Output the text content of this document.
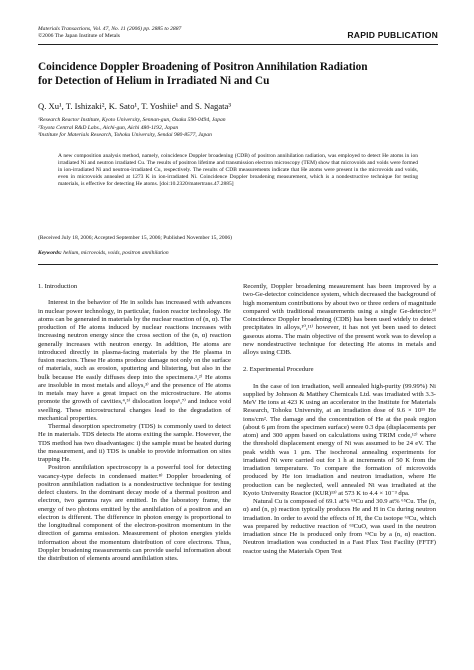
Materials Transactions, Vol. 47, No. 11 (2006) pp. 2885 to 2887
©2006 The Japan Institute of Metals	RAPID PUBLICATION
Coincidence Doppler Broadening of Positron Annihilation Radiation
for Detection of Helium in Irradiated Ni and Cu
Q. Xu¹, T. Ishizaki², K. Sato¹, T. Yoshiie¹ and S. Nagata³
¹Research Reactor Institute, Kyoto University, Sennan-gun, Osaka 590-0494, Japan
²Toyota Central R&D Labs., Aichi-gun, Aichi 480-1192, Japan
³Institute for Materials Research, Tohoku University, Sendai 980-8577, Japan
A new composition analysis method, namely, coincidence Doppler broadening (CDB) of positron annihilation radiation, was employed to detect He atoms in ion irradiated Ni and neutron irradiated Cu. The results of positron lifetime and transmission electron microscopy (TEM) show that microvoids and voids were formed in ion-irradiated Ni and neutron-irradiated Cu, respectively. The results of CDB measurements indicate that He atoms were present in the microvoids and voids, even in microvoids annealed at 1273 K in ion-irradiated Ni. Coincidence Doppler broadening measurement, which is a nondestructive technique for testing materials, is effective for detecting He atoms. [doi:10.2320/matertrans.47.2885]
(Received July 18, 2006; Accepted September 15, 2006; Published November 15, 2006)
Keywords: helium, microvoids, voids, positron annihilation
1. Introduction

Interest in the behavior of He in solids has increased with advances in nuclear power technology, in particular, fusion reactor technology. He atoms can be generated in materials by the nuclear reaction of (n, α). The production of He atoms induced by nuclear reactions increases with increasing neutron energy since the cross section of the (n, α) reaction generally increases with neutron energy. In addition, He atoms are introduced directly in plasma-facing materials by the He plasma in fusion reactors. These He atoms produce damage not only on the surface of materials, such as erosion, sputtering and blistering, but also in the bulk because He easily diffuses deep into the specimens.¹,²⁾ He atoms are insoluble in most metals and alloys,³⁾ and the presence of He atoms in metals may have a great impact on the microstructure. He atoms promote the growth of cavities,⁴,⁵⁾ dislocation loops⁶,⁷⁾ and induce void swelling. These microstructural changes lead to the degradation of mechanical properties.

Thermal desorption spectrometry (TDS) is commonly used to detect He in materials. TDS detects He atoms exiting the sample. However, the TDS method has two disadvantages: i) the sample must be heated during the measurement, and ii) TDS is unable to provide information on sites trapping He.

Positron annihilation spectroscopy is a powerful tool for detecting vacancy-type defects in condensed matter.⁸⁾ Doppler broadening of positron annihilation radiation is a nondestructive technique for testing defect clusters. In the dominant decay mode of a thermal positron and electron, two gamma rays are emitted. In the laboratory frame, the energy of two photons emitted by the annihilation of a positron and an electron is different. The difference in photon energy is proportional to the longitudinal component of the electron-positron momentum in the direction of gamma emission. Measurement of photon energies yields information about the momentum distribution of core electrons. Thus, Doppler broadening measurements can provide useful information about the distribution of elements around annihilation sites.

Recently, Doppler broadening measurement has been improved by a two-Ge-detector coincidence system, which decreased the background of high momentum contributions by about two or three orders of magnitude compared with traditional measurements using a single Ge-detector.⁹⁾ Coincidence Doppler broadening (CDB) has been used widely to detect precipitates in alloys,¹⁰,¹¹⁾ however, it has not yet been used to detect gaseous atoms. The main objective of the present work was to develop a new nondestructive technique for detecting He atoms in metals and alloys using CDB.

2. Experimental Procedure

In the case of ion irradiation, well annealed high-purity (99.99%) Ni supplied by Johnson & Matthey Chemicals Ltd. was irradiated with 3.3-MeV He ions at 423 K using an accelerator in the Institute for Materials Research, Tohoku University, at an irradiation dose of 9.6 × 10¹⁵ He ions/cm². The damage and the concentration of He at the peak region (about 6 μm from the specimen surface) were 0.3 dpa (displacements per atom) and 300 appm based on calculations using TRIM code,¹²⁾ where the threshold displacement energy of Ni was assumed to be 24 eV. The peak width was 1 μm. The isochronal annealing experiments for irradiated Ni were carried out for 1 h at increments of 50 K from the irradiation temperature. To compare the formation of microvoids produced by He ion irradiation and neutron irradiation, where He production can be neglected, well annealed Ni was irradiated at the Kyoto University Reactor (KUR)¹³⁾ at 573 K to 4.4 × 10⁻³ dpa.

Natural Cu is composed of 69.1 at% ⁶³Cu and 30.9 at% ⁶⁵Cu. The (n, α) and (n, p) reaction typically produces He and H in Cu during neutron irradiation. In order to avoid the effects of H, the Cu isotope ⁶³Cu, which was prepared by reductive reaction of ⁶³CuO, was used in the neutron irradiation since He is produced only from ⁶³Cu by a (n, α) reaction. Neutron irradiation was conducted in a Fast Flux Test Facility (FFTF) reactor using the Materials Open Test
